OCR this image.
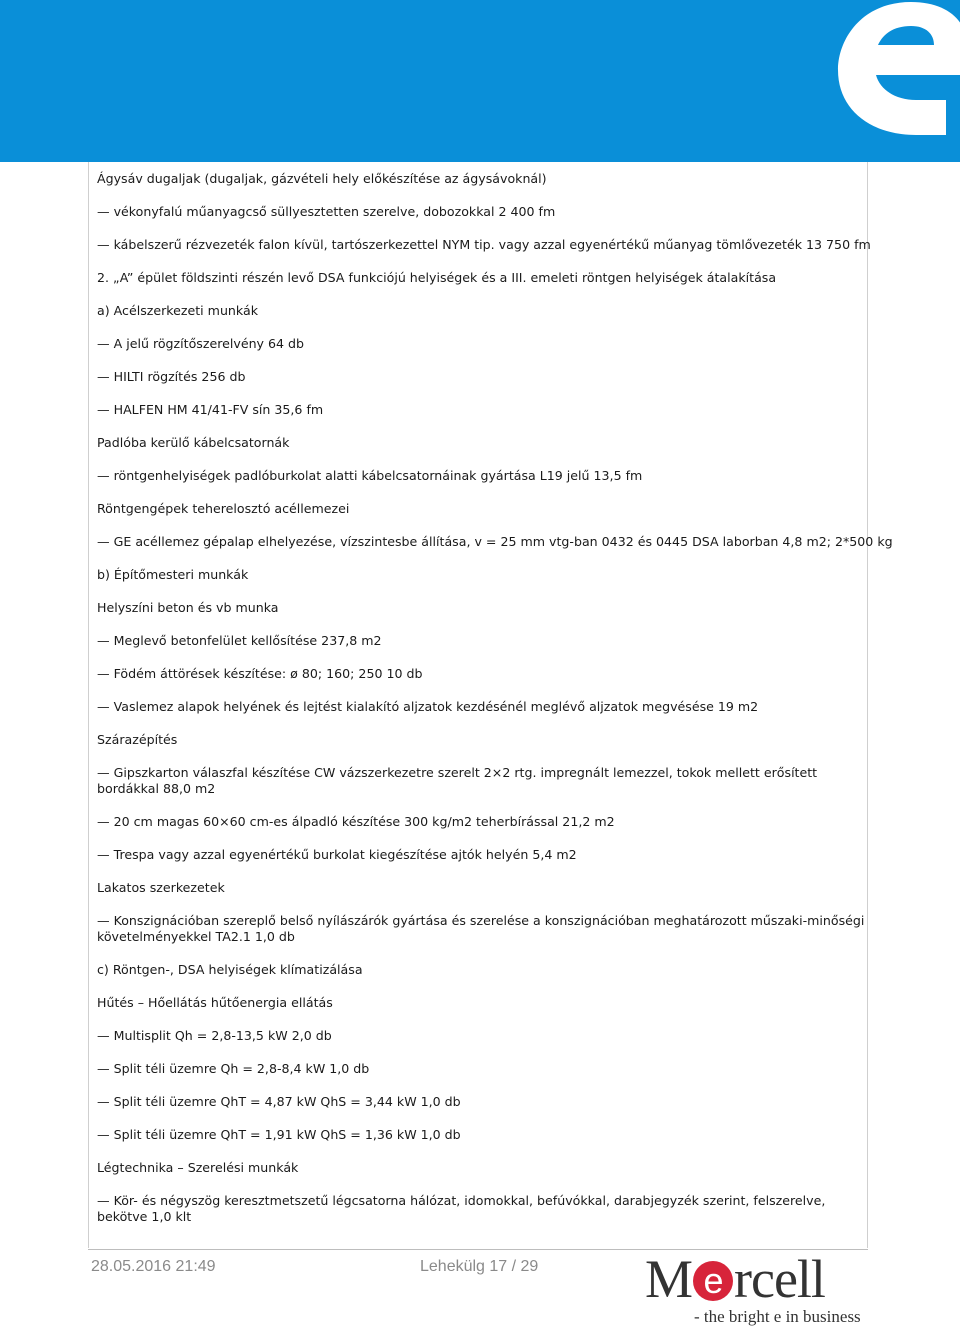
Ágysáv dugaljak (dugaljak, gázvételi hely előkészítése az ágysávoknál)
— vékonyfalú műanyagcső süllyesztetten szerelve, dobozokkal 2 400 fm
— kábelszerű rézvezeték falon kívül, tartószerkezettel NYM tip. vagy azzal egyenértékű műanyag tömlővezeték 13 750 fm
2. „A” épület földszinti részén levő DSA funkciójú helyiségek és a III. emeleti röntgen helyiségek átalakítása
a) Acélszerkezeti munkák
— A jelű rögzítőszerelvény 64 db
— HILTI rögzítés 256 db
— HALFEN HM 41/41-FV sín 35,6 fm
Padlóba kerülő kábelcsatornák
— röntgenhelyiségek padlóburkolat alatti kábelcsatornáinak gyártása L19 jelű 13,5 fm
Röntgengépek teherelosztó acéllemezei
— GE acéllemez gépalap elhelyezése, vízszintesbe állítása, v = 25 mm vtg-ban 0432 és 0445 DSA laborban 4,8 m2; 2*500 kg
b) Építőmesteri munkák
Helyszíni beton és vb munka
— Meglevő betonfelület kellősítése 237,8 m2
— Födém áttörések készítése: ø 80; 160; 250 10 db
— Vaslemez alapok helyének és lejtést kialakító aljzatok kezdésénél meglévő aljzatok megvésése 19 m2
Szárazépítés
— Gipszkarton válaszfal készítése CW vázszerkezetre szerelt 2×2 rtg. impregnált lemezzel, tokok mellett erősített bordákkal 88,0 m2
— 20 cm magas 60×60 cm-es álpadló készítése 300 kg/m2 teherbírással 21,2 m2
— Trespa vagy azzal egyenértékű burkolat kiegészítése ajtók helyén 5,4 m2
Lakatos szerkezetek
— Konszignációban szereplő belső nyílászárók gyártása és szerelése a konszignációban meghatározott műszaki-minőségi követelményekkel TA2.1 1,0 db
c) Röntgen-, DSA helyiségek klímatizálása
Hűtés – Hőellátás hűtőenergia ellátás
— Multisplit Qh = 2,8-13,5 kW 2,0 db
— Split téli üzemre Qh = 2,8-8,4 kW 1,0 db
— Split téli üzemre QhT = 4,87 kW QhS = 3,44 kW 1,0 db
— Split téli üzemre QhT = 1,91 kW QhS = 1,36 kW 1,0 db
Légtechnika – Szerelési munkák
— Kör- és négyszög keresztmetszetű légcsatorna hálózat, idomokkal, befúvókkal, darabjegyzék szerint, felszerelve, bekötve 1,0 klt
28.05.2016 21:49	Lehekülg 17 / 29 M e rcell
- the bright e in business
